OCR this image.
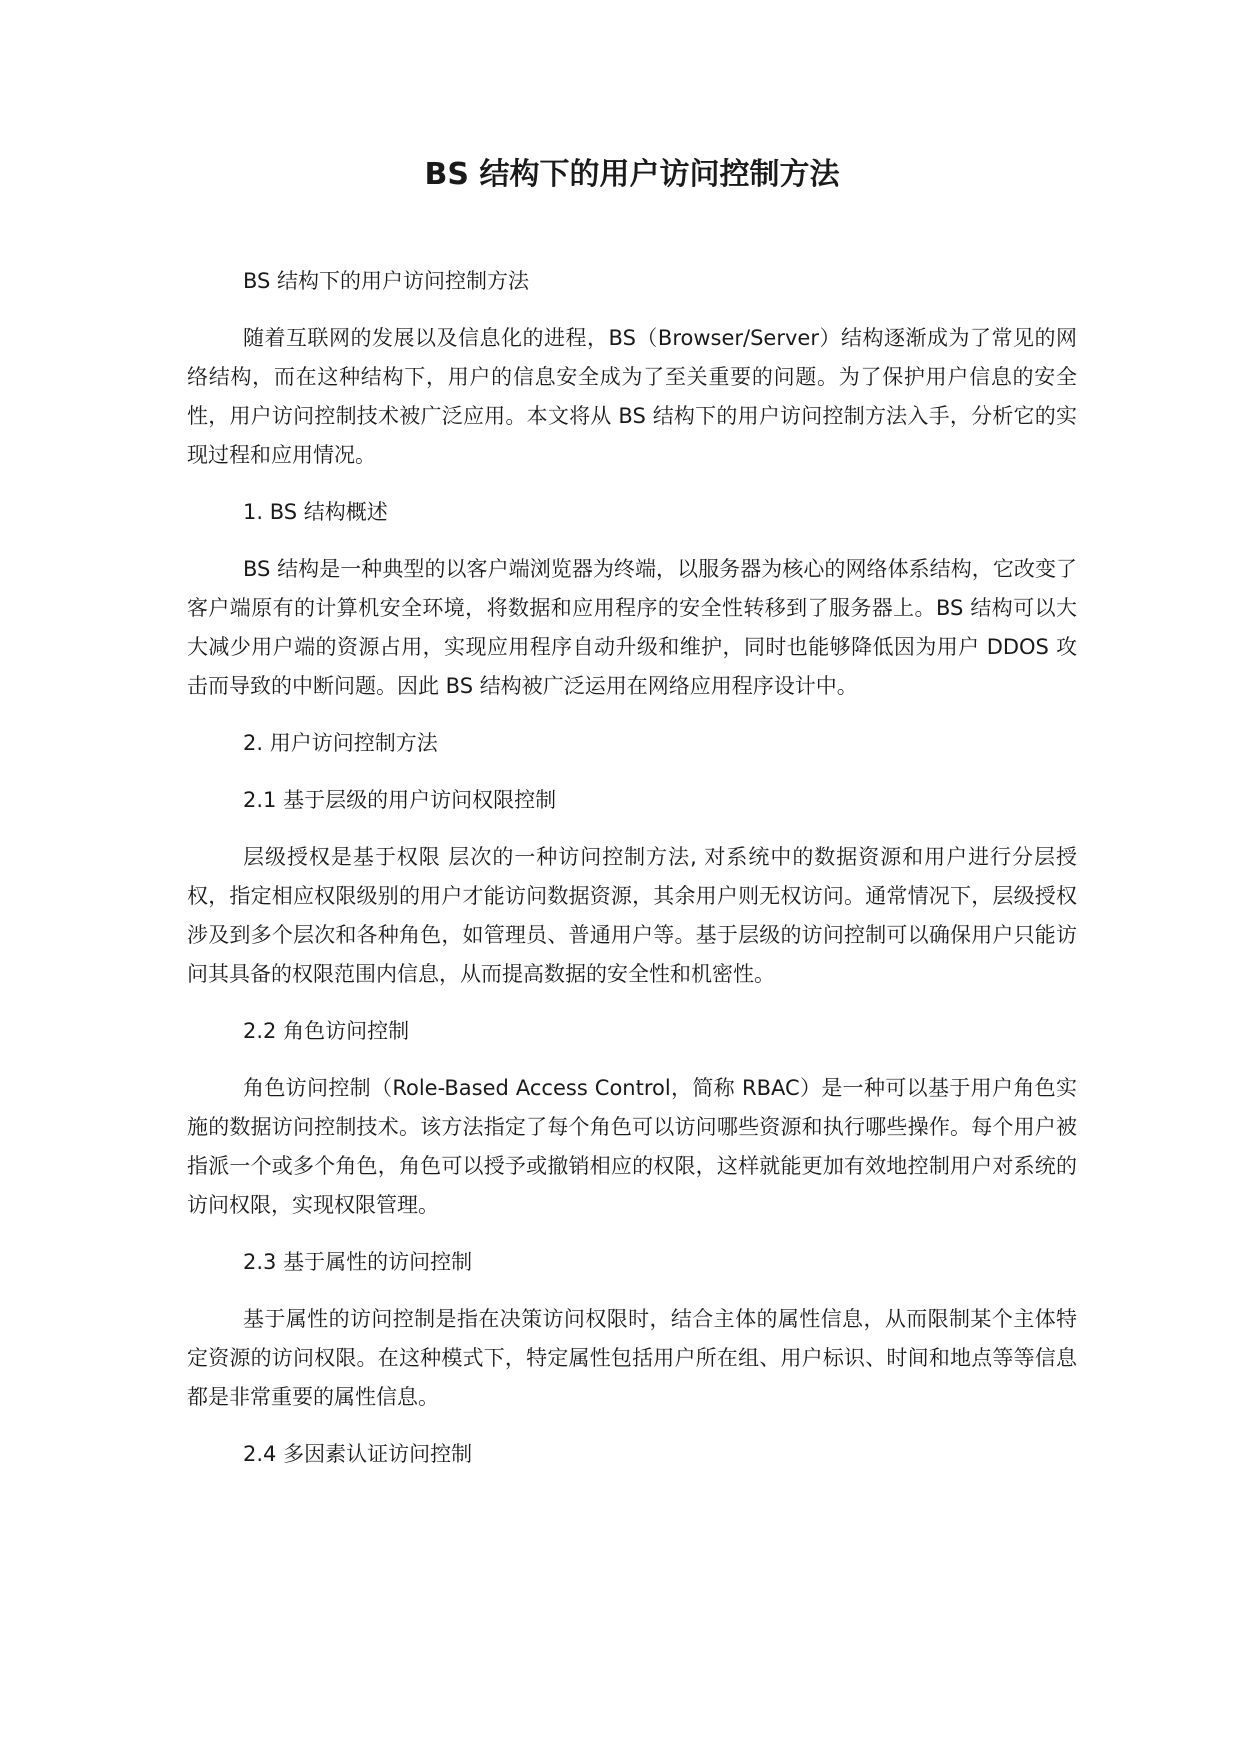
BS 结构下的用户访问控制方法
BS 结构下的用户访问控制方法
随着互联网的发展以及信息化的进程，BS（Browser/Server）结构逐渐成为了常见的网络结构，而在这种结构下，用户的信息安全成为了至关重要的问题。为了保护用户信息的安全性，用户访问控制技术被广泛应用。本文将从 BS 结构下的用户访问控制方法入手，分析它的实现过程和应用情况。
1. BS 结构概述
BS 结构是一种典型的以客户端浏览器为终端，以服务器为核心的网络体系结构，它改变了客户端原有的计算机安全环境，将数据和应用程序的安全性转移到了服务器上。BS 结构可以大大减少用户端的资源占用，实现应用程序自动升级和维护，同时也能够降低因为用户 DDOS 攻击而导致的中断问题。因此 BS 结构被广泛运用在网络应用程序设计中。
2. 用户访问控制方法
2.1 基于层级的用户访问权限控制
层级授权是基于权限 层次的一种访问控制方法, 对系统中的数据资源和用户进行分层授权，指定相应权限级别的用户才能访问数据资源，其余用户则无权访问。通常情况下，层级授权涉及到多个层次和各种角色，如管理员、普通用户等。基于层级的访问控制可以确保用户只能访问其具备的权限范围内信息，从而提高数据的安全性和机密性。
2.2 角色访问控制
角色访问控制（Role-Based Access Control，简称 RBAC）是一种可以基于用户角色实施的数据访问控制技术。该方法指定了每个角色可以访问哪些资源和执行哪些操作。每个用户被指派一个或多个角色，角色可以授予或撤销相应的权限，这样就能更加有效地控制用户对系统的访问权限，实现权限管理。
2.3 基于属性的访问控制
基于属性的访问控制是指在决策访问权限时，结合主体的属性信息，从而限制某个主体特定资源的访问权限。在这种模式下，特定属性包括用户所在组、用户标识、时间和地点等等信息都是非常重要的属性信息。
2.4 多因素认证访问控制
